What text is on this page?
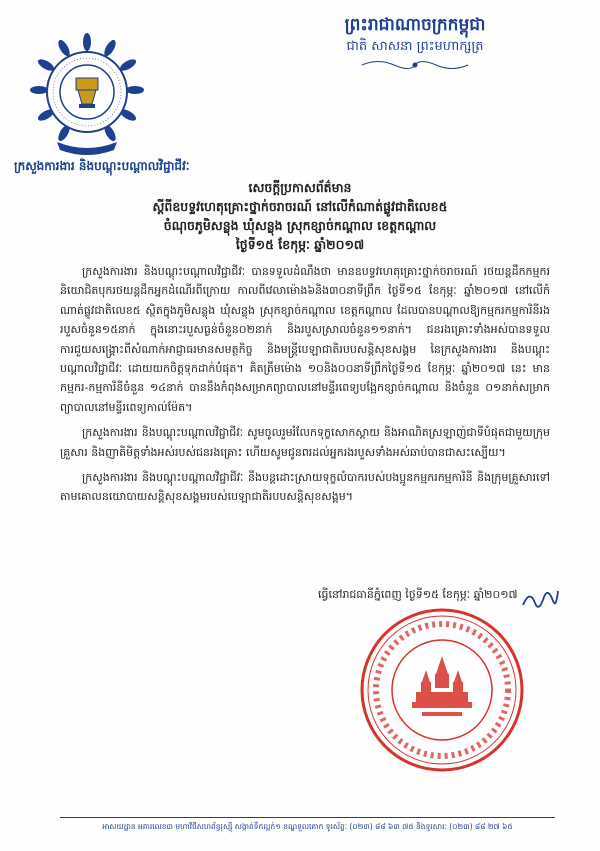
ព្រះរាជាណាចក្រកម្ពុជា
ជាតិ សាសនា ព្រះមហាក្សត្រ
ក្រសួងការងារ និងបណ្តុះបណ្តាលវិជ្ជាជីវៈ
សេចក្តីប្រកាសព័ត៌មាន
ស្តីពីឧបទ្ទវហេតុគ្រោះថ្នាក់ចរាចរណ៍ នៅលើកំណាត់ផ្លូវជាតិលេខ៥
ចំណុចភូមិសន្លុង ឃុំសន្លុង ស្រុកខ្សាច់កណ្តាល ខេត្តកណ្តាល
ថ្ងៃទី១៥ ខែកុម្ភៈ ឆ្នាំ២០១៧

ក្រសួងការងារ និងបណ្តុះបណ្តាលវិជ្ជាជីវៈ បានទទួលដំណឹងថា មានឧបទ្ទវហេតុគ្រោះថ្នាក់ចរាចរណ៍ រថយន្តដឹកកម្មករនិយោជិតបុករថយន្តដឹកអ្នកដំណើរពីក្រោយ កាលពីវេលាម៉ោង៦និង៣០នាទីព្រឹក ថ្ងៃទី១៥ ខែកុម្ភៈ ឆ្នាំ២០១៧ នៅលើកំណាត់ផ្លូវជាតិលេខ៥ ស្ថិតក្នុងភូមិសន្លុង ឃុំសន្លុង ស្រុកខ្សាច់កណ្តាល ខេត្តកណ្តាល ដែលបានបណ្តាលឱ្យកម្មករកម្មការិនីរងរបួសចំនួន១៥នាក់ ក្នុងនោះរបួសធ្ងន់ចំនួន០២នាក់ និងរបួសស្រាលចំនួន១១នាក់។ ជនរងគ្រោះទាំងអស់បានទទួលការជួយសង្គ្រោះពីសំណាក់អាជ្ញាធរមានសមត្ថកិច្ច និងមន្រ្តីបេឡាជាតិរបបសន្តិសុខសង្គម នៃក្រសួងការងារ និងបណ្តុះបណ្តាលវិជ្ជាជីវៈ ដោយយកចិត្តទុកដាក់បំផុត។ គិតត្រឹមម៉ោង ១០និង០០នាទីព្រឹកថ្ងៃទី១៥ ខែកុម្ភៈ ឆ្នាំ២០១៧ នេះ មានកម្មករ-កម្មការិនីចំនួន ១៤នាក់ បាននឹងកំពុងសម្រាកព្យាបាលនៅមន្ទីរពេទ្យបង្អែកខ្សាច់កណ្តាល និងចំនួន ០១នាក់សម្រាកព្យាបាលនៅមន្ទីរពេទ្យកាល់ម៉ែត។

ក្រសួងការងារ និងបណ្តុះបណ្តាលវិជ្ជាជីវៈ សូមចូលរួមរំលែកទុក្ខសោកស្តាយ និងអាណិតស្រឡាញ់ជាទីបំផុតជាមួយក្រុមគ្រួសារ និងញាតិមិត្តទាំងអស់របស់ជនរងគ្រោះ ហើយសូមជូនពរដល់អ្នករងរបួសទាំងអស់ឆាប់បានជាសះស្បើយ។

ក្រសួងការងារ និងបណ្តុះបណ្តាលវិជ្ជាជីវៈ នឹងបន្តដោះស្រាយទុក្ខលំបាករបស់បងប្អូនកម្មករកម្មការិនី និងក្រុមគ្រួសារទៅតាមគោលនយោបាយសន្តិសុខសង្គមរបស់បេឡាជាតិរបបសន្តិសុខសង្គម។

ធ្វើនៅរាជធានីភ្នំពេញ ថ្ងៃទី១៥ ខែកុម្ភៈ ឆ្នាំ២០១៧
អាសយដ្ឋាន អគារលេខ៣ មហាវិថីសហព័ន្ធរុស្ស៊ី សង្កាត់ទឹកល្អក់១ ខណ្ឌទួលគោក ទូរស័ព្ទៈ (០២៣) ៨៨ ៦៣ ៧៥ និងទូរសារៈ (០២៣) ៨៨ ២៧ ៦៥
